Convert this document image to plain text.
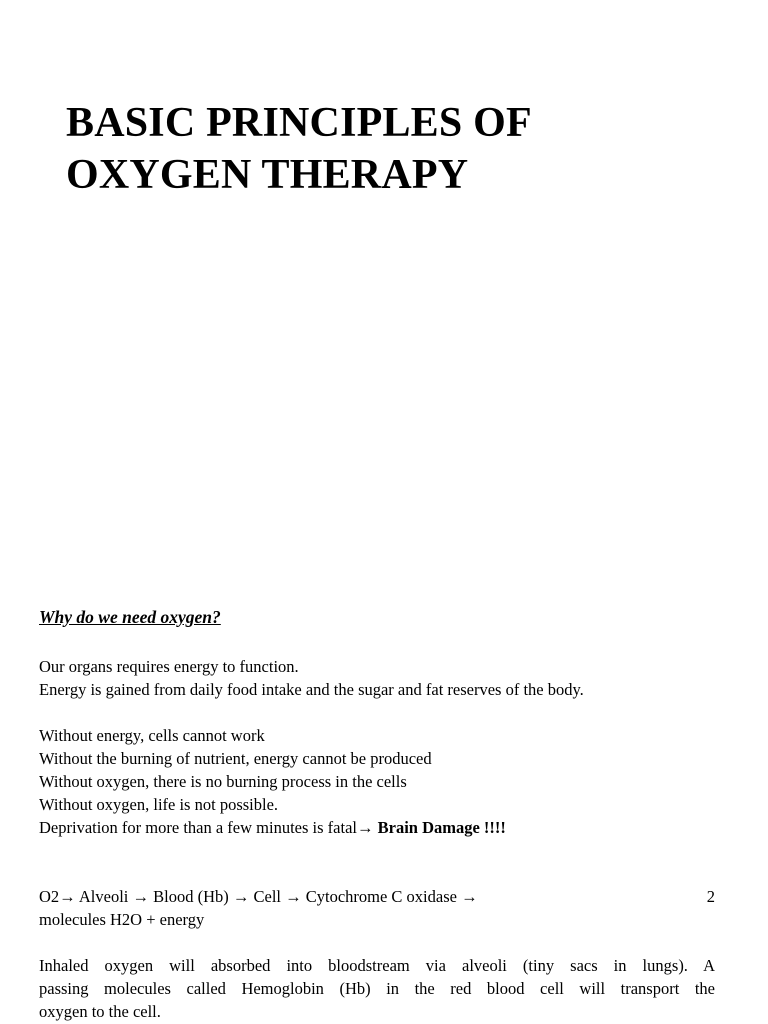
BASIC PRINCIPLES OF
OXYGEN THERAPY
Why do we need oxygen?
Our organs requires energy to function.
Energy is gained from daily food intake and the sugar and fat reserves of the body.
Without energy, cells cannot work
Without the burning of nutrient, energy cannot be produced
Without oxygen, there is no burning process in the cells
Without oxygen, life is not possible.
Deprivation for more than a few minutes is fatal→ Brain Damage !!!!
O2→ Alveoli → Blood (Hb) → Cell → Cytochrome C oxidase →	2
molecules H2O + energy
Inhaled oxygen will absorbed into bloodstream via alveoli (tiny sacs in lungs). A
passing molecules called Hemoglobin (Hb) in the red blood cell will transport the
oxygen to the cell.
